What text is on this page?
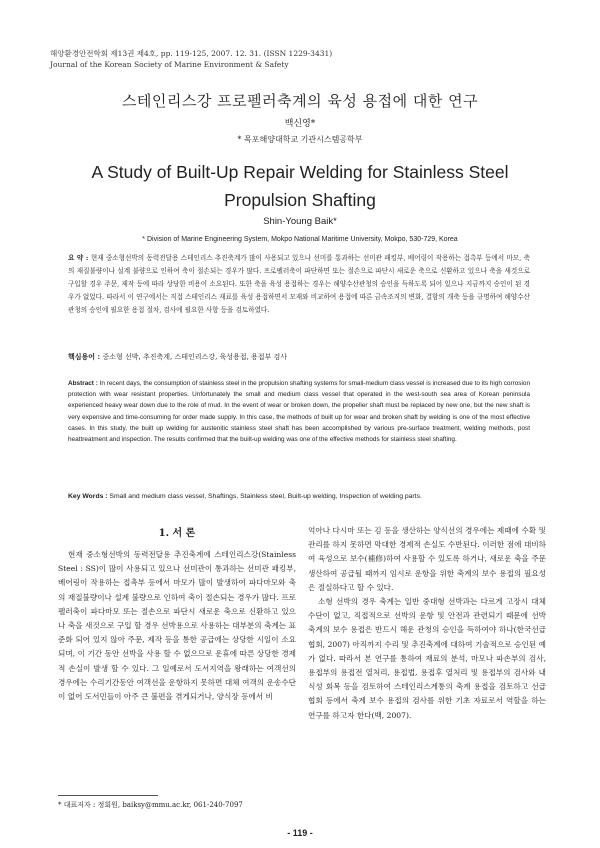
해양환경안전학회 제13권 제4호, pp. 119-125, 2007. 12. 31. (ISSN 1229-3431)
Journal of the Korean Society of Marine Environment & Safety
스테인리스강 프로펠러축계의 육성 용접에 대한 연구
백신영*
* 목포해양대학교 기관시스템공학부
A Study of Built-Up Repair Welding for Stainless Steel
Propulsion Shafting
Shin-Young Baik*
* Division of Marine Engineering System, Mokpo National Maritime University, Mokpo, 530-729, Korea
요 약 : 현재 중소형선박의 동력전달용 스테인리스 추진축계가 많이 사용되고 있으나 선미를 통과하는 선미관 패킹부, 베어링이 작용하는 접촉부 등에서 마모, 축의 재질불량이나 설계 불량으로 인하여 축이 절손되는 경우가 많다. 프로펠러축이 파단하면 또는 절손으로 파단시 새로운 축으로 신환하고 있으나 축을 새것으로 구입할 경우 주문, 제작 등에 따라 상당한 비용이 소요된다. 또한 축을 육성 용접하는 경우는 해양수산관청의 승인을 득하도록 되어 있으나 지금까지 승인이 된 경우가 없었다. 따라서 이 연구에서는 직접 스테인리스 재료를 육성 용접하면서 모재와 비교하여 용접에 따른 금속조직의 변화, 결함의 개축 등을 규명하여 해양수산관청의 승인에 필요한 용접 절차, 검사에 필요한 사항 등을 검토하였다.
핵심용어 : 중소형 선박, 추진축계, 스테인리스강, 육성용접, 용접부 검사
Abstract : In recent days, the consumption of stainless steel in the propulsion shafting systems for small-medium class vessel is increased due to its high corrosion protection with wear resistant properties. Unfortunately the small and medium class vessel that operated in the west-south sea area of Korean peninsula experienced heavy wear down due to the role of mud. In the event of wear or broken down, the propeller shaft must be replaced by new one, but the new shaft is very expensive and time-consuming for order made supply. In this case, the methods of built up for wear and broken shaft by welding is one of the most effective cases. In this study, the built up welding for austenitic stainless steel shaft has been accomplished by various pre-surface treatment, welding methods, post heattreatment and inspection. The results confirmed that the built-up welding was one of the effective methods for stainless steel shafting.
Key Words : Small and medium class vessel, Shaftings, Stainless steel, Built-up welding, Inspection of welding parts.
1. 서 론
현재 중소형선박의 동력전달용 추진축계에 스테인리스강(Stainless Steel : SS)이 많이 사용되고 있으나 선미관이 통과하는 선미관 패킹부, 베어링이 작용하는 접촉부 등에서 마모가 많이 발생하여 파다마모와 축의 재질불량이나 설계 불량으로 인하여 축이 절손되는 경우가 많다. 프로펠러축이 파다마모 또는 절손으로 파단시 새로운 축으로 신환하고 있으나 축을 새것으로 구입 할 경우 선박용으로 사용하는 대부분의 축계는 표준화 되어 있지 않아 주문, 제작 등을 통한 공급에는 상당한 시일이 소요되며, 이 기간 동안 선박을 사용 할 수 없으므로 운휴에 따른 상당한 경제적 손실이 발생 할 수 있다. 그 일예로서 도서지역을 왕래하는 여객선의 경우에는 수리기간동안 여객선을 운항하지 못하면 대체 여객의 운송수단이 없어 도서민들이 아주 큰 불편을 겪게되거나, 양식장 등에서 비

억아나 다시마 또는 김 등을 생산하는 양식선의 경우에는 제때에 수확 및 관리를 하지 못하면 막대한 경제적 손실도 수반된다. 이러한 점에 대비하여 육성으로 보수(補修)하여 사용할 수 있도록 하거나, 새로운 축을 주문 생산하여 공급될 때까지 임시로 운항을 위한 축계의 보수 용접의 필요성은 절실하다고 할 수 있다.

소형 선박의 경우 축계는 일반 중대형 선박과는 다르게 고장시 대체 수단이 없고, 직접적으로 선박의 운항 및 안전과 관련되기 때문에 선박 축계의 보수 용접은 반드시 해운 관청의 승인을 득하여야 하나(한국선급협회, 2007) 아직까지 수리 및 추진축계에 대하여 기술적으로 승인된 예가 없다. 따라서 본 연구를 통하여 재료의 분석, 마모나 파손부의 검사, 용접부의 용접전 열처리, 용접법, 용접후 열처리 및 용접부의 검사와 내식성 회복 등을 검토하여 스테인리스계통의 축계 용접을 검토하고 선급협회 등에서 축계 보수 용접의 검사를 위한 기초 자료로서 역할을 하는 연구를 하고자 한다(백, 2007).

* 대표저자 : 정회원, baiksy@mmu.ac.kr, 061-240-7097
- 119 -
